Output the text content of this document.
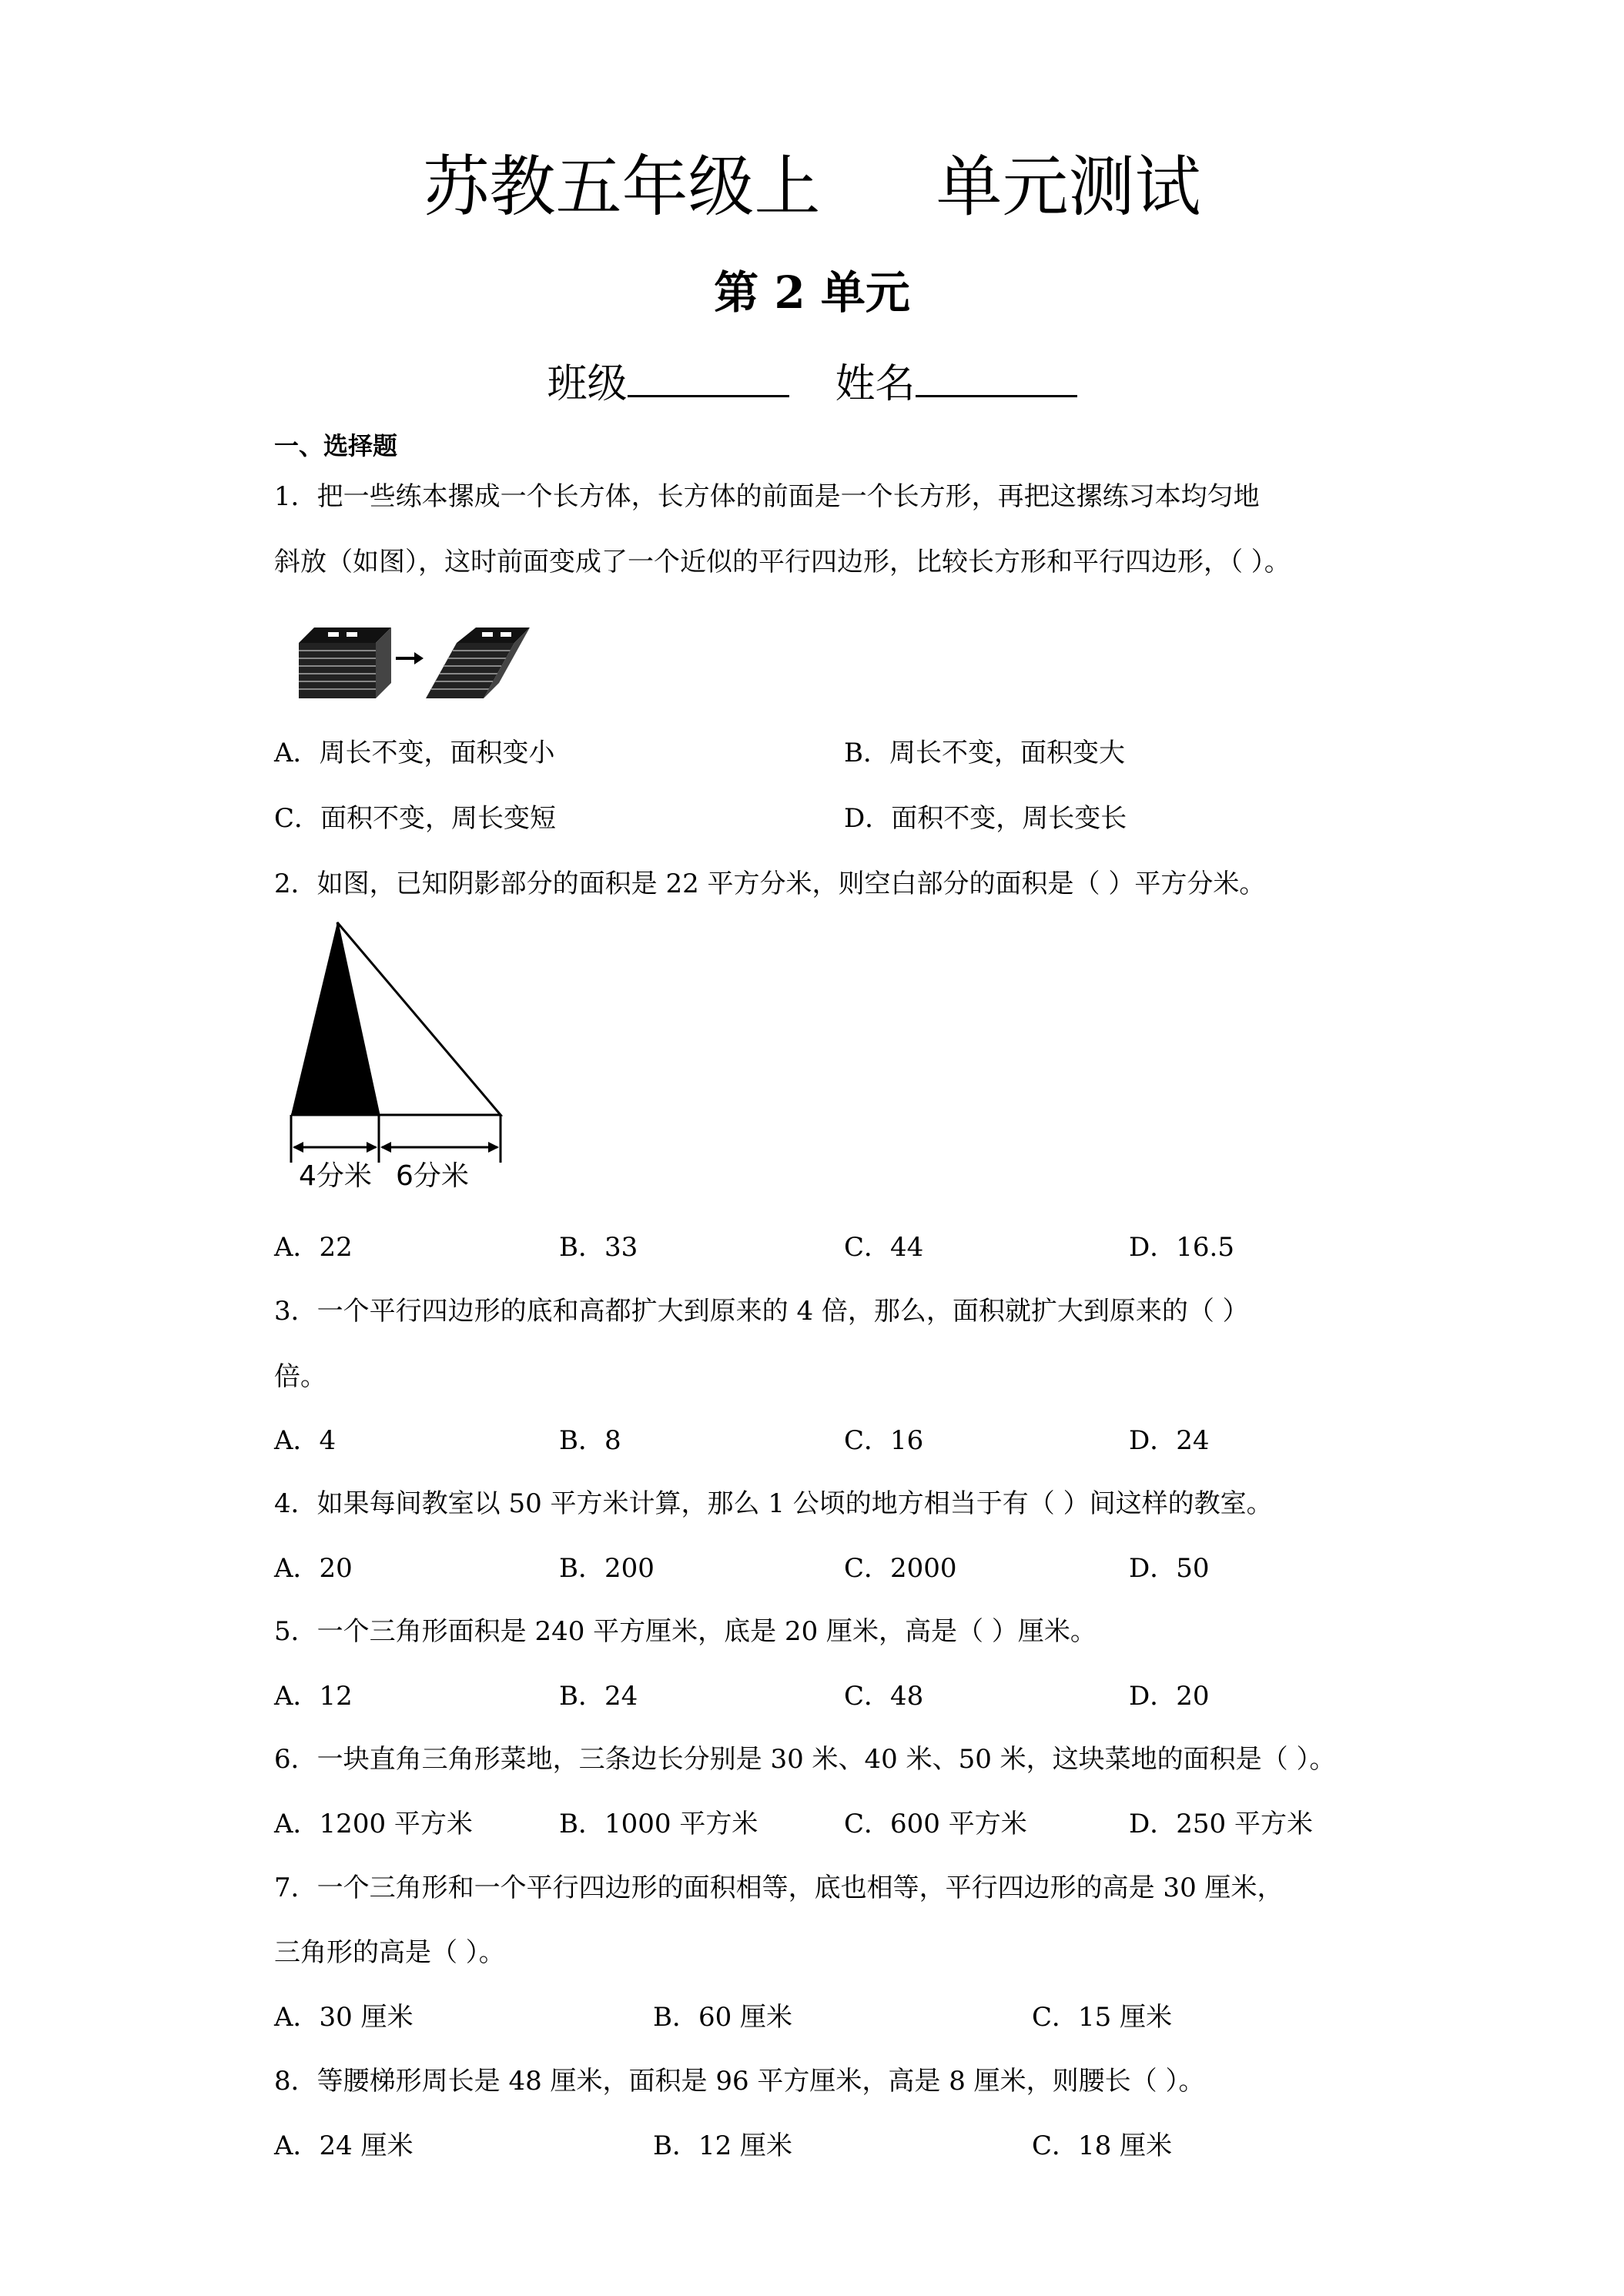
苏教五年级上 单元测试
第 2 单元
班级	姓名
一、选择题
1．把一些练本摞成一个长方体，长方体的前面是一个长方形，再把这摞练习本均匀地
斜放（如图），这时前面变成了一个近似的平行四边形，比较长方形和平行四边形，（ ）。
A．周长不变，面积变小	B．周长不变，面积变大
C．面积不变，周长变短	D．面积不变，周长变长
2．如图，已知阴影部分的面积是 22 平方分米，则空白部分的面积是（ ）平方分米。
4分米 6分米
A．22	B．33	C．44	D．16.5
3．一个平行四边形的底和高都扩大到原来的 4 倍，那么，面积就扩大到原来的（ ）
倍。
A．4	B．8	C．16	D．24
4．如果每间教室以 50 平方米计算，那么 1 公顷的地方相当于有（ ）间这样的教室。
A．20	B．200	C．2000	D．50
5．一个三角形面积是 240 平方厘米，底是 20 厘米，高是（ ）厘米。
A．12	B．24	C．48	D．20
6．一块直角三角形菜地，三条边长分别是 30 米、40 米、50 米，这块菜地的面积是（ ）。
A．1200 平方米	B．1000 平方米	C．600 平方米	D．250 平方米
7．一个三角形和一个平行四边形的面积相等，底也相等，平行四边形的高是 30 厘米，
三角形的高是（ ）。
A．30 厘米	B．60 厘米	C．15 厘米
8．等腰梯形周长是 48 厘米，面积是 96 平方厘米，高是 8 厘米，则腰长（ ）。
A．24 厘米	B．12 厘米	C．18 厘米
